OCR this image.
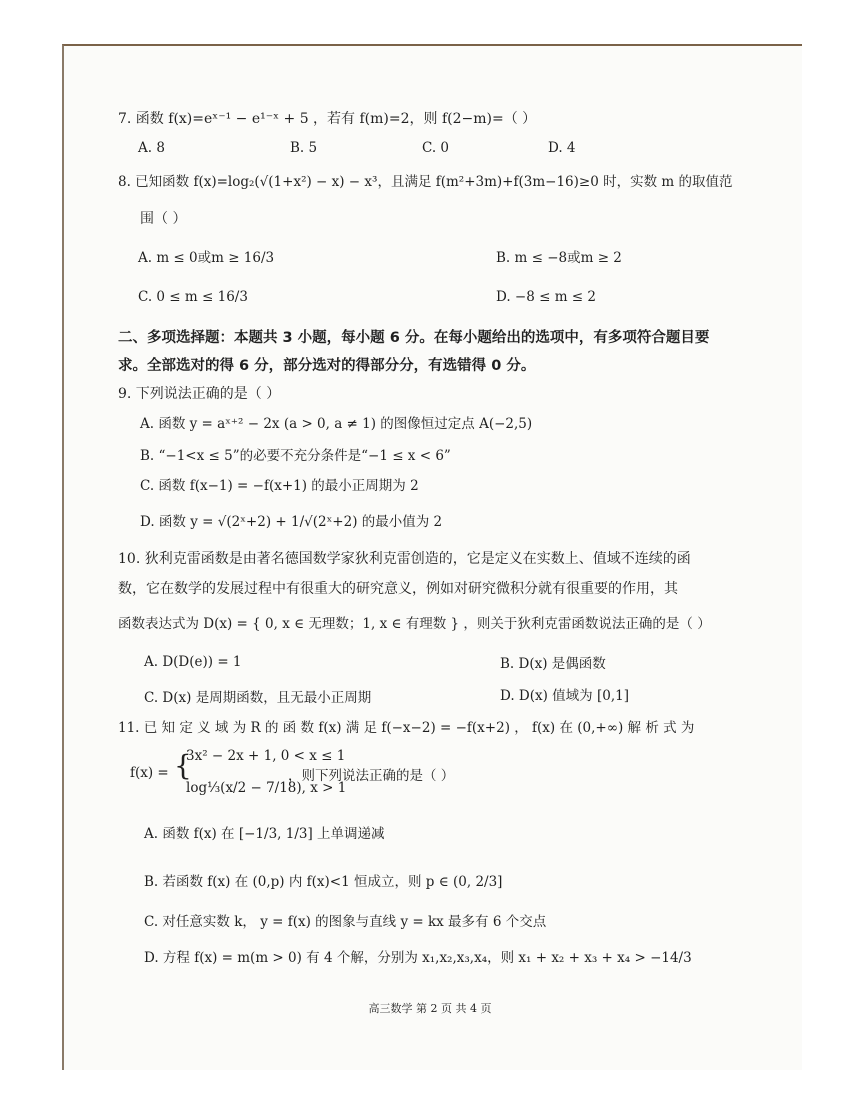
7. 函数 f(x)=eˣ⁻¹ − e¹⁻ˣ + 5 ，若有 f(m)=2，则 f(2−m)=（ ）
A. 8	B. 5	C. 0	D. 4
8. 已知函数 f(x)=log₂(√(1+x²) − x) − x³，且满足 f(m²+3m)+f(3m−16)≥0 时，实数 m 的取值范
围（ ）
A. m ≤ 0或m ≥ 16/3	B. m ≤ −8或m ≥ 2
C. 0 ≤ m ≤ 16/3	D. −8 ≤ m ≤ 2
二、多项选择题：本题共 3 小题，每小题 6 分。在每小题给出的选项中，有多项符合题目要
求。全部选对的得 6 分，部分选对的得部分分，有选错得 0 分。
9. 下列说法正确的是（ ）
A. 函数 y = aˣ⁺² − 2x (a > 0, a ≠ 1) 的图像恒过定点 A(−2,5)
B. “−1<x ≤ 5”的必要不充分条件是“−1 ≤ x < 6”
C. 函数 f(x−1) = −f(x+1) 的最小正周期为 2
D. 函数 y = √(2ˣ+2) + 1/√(2ˣ+2) 的最小值为 2
10. 狄利克雷函数是由著名德国数学家狄利克雷创造的，它是定义在实数上、值域不连续的函
数，它在数学的发展过程中有很重大的研究意义，例如对研究微积分就有很重要的作用，其
函数表达式为 D(x) = { 0, x ∈ 无理数；1, x ∈ 有理数 } ，则关于狄利克雷函数说法正确的是（ ）
A. D(D(e)) = 1	B. D(x) 是偶函数
C. D(x) 是周期函数，且无最小正周期	D. D(x) 值域为 [0,1]
11. 已 知 定 义 域 为 R 的 函 数 f(x) 满 足 f(−x−2) = −f(x+2) ， f(x) 在 (0,+∞) 解 析 式 为
f(x) = {
3x² − 2x + 1, 0 < x ≤ 1
log⅓(x/2 − 7/18), x > 1
，则下列说法正确的是（ ）
A. 函数 f(x) 在 [−1/3, 1/3] 上单调递减
B. 若函数 f(x) 在 (0,p) 内 f(x)<1 恒成立，则 p ∈ (0, 2/3]
C. 对任意实数 k， y = f(x) 的图象与直线 y = kx 最多有 6 个交点
D. 方程 f(x) = m(m > 0) 有 4 个解，分别为 x₁,x₂,x₃,x₄，则 x₁ + x₂ + x₃ + x₄ > −14/3
高三数学 第 2 页 共 4 页
